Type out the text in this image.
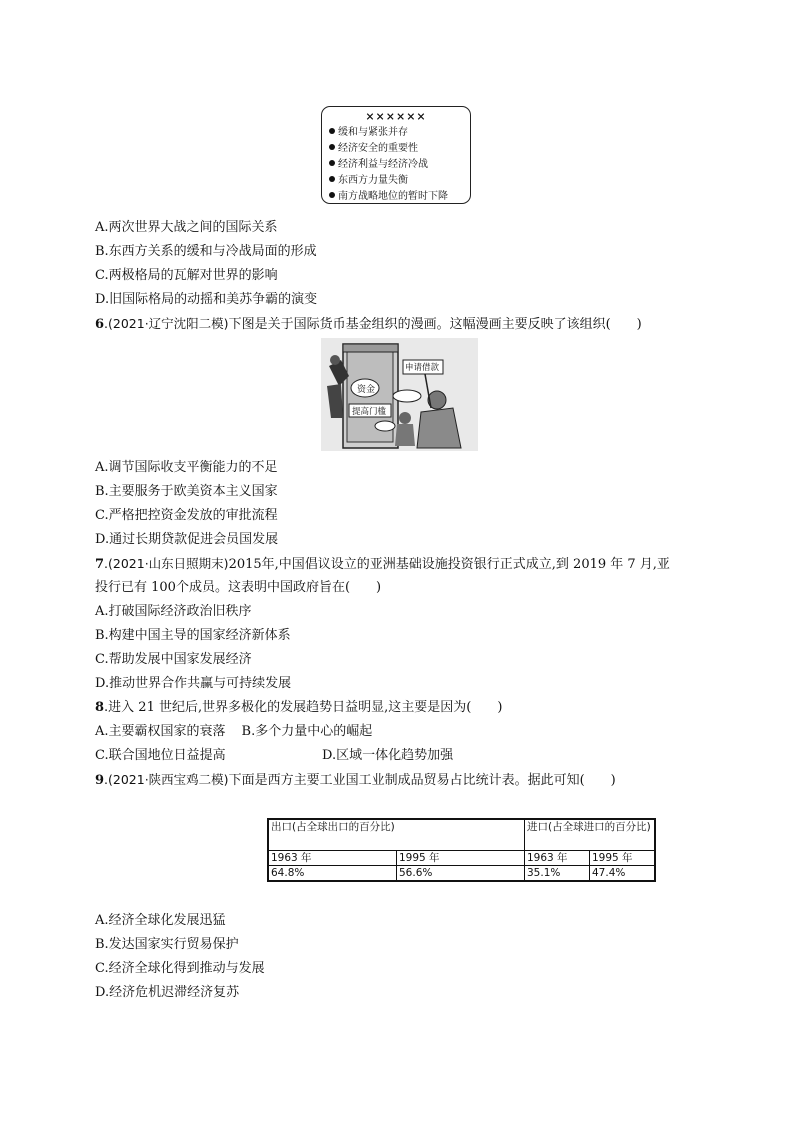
××××××
缓和与紧张并存
经济安全的重要性
经济利益与经济冷战
东西方力量失衡
南方战略地位的暂时下降
A.两次世界大战之间的国际关系
B.东西方关系的缓和与冷战局面的形成
C.两极格局的瓦解对世界的影响
D.旧国际格局的动摇和美苏争霸的演变
6.(2021·辽宁沈阳二模)下图是关于国际货币基金组织的漫画。这幅漫画主要反映了该组织(　　)
资金
提高门槛
申请借款
A.调节国际收支平衡能力的不足
B.主要服务于欧美资本主义国家
C.严格把控资金发放的审批流程
D.通过长期贷款促进会员国发展
7.(2021·山东日照期末)2015年,中国倡议设立的亚洲基础设施投资银行正式成立,到 2019 年 7 月,亚
投行已有 100个成员。这表明中国政府旨在(　　)
A.打破国际经济政治旧秩序
B.构建中国主导的国家经济新体系
C.帮助发展中国家发展经济
D.推动世界合作共赢与可持续发展
8.进入 21 世纪后,世界多极化的发展趋势日益明显,这主要是因为(　　)
A.主要霸权国家的衰落 B.多个力量中心的崛起
C.联合国地位日益提高	D.区域一体化趋势加强
9.(2021·陕西宝鸡二模)下面是西方主要工业国工业制成品贸易占比统计表。据此可知(　　)
出口(占全球出口的百分比)		进口(占全球进口的百分比)	
1963 年	1995 年	1963 年	1995 年
64.8%	56.6%	35.1%	47.4%
A.经济全球化发展迅猛
B.发达国家实行贸易保护
C.经济全球化得到推动与发展
D.经济危机迟滞经济复苏
